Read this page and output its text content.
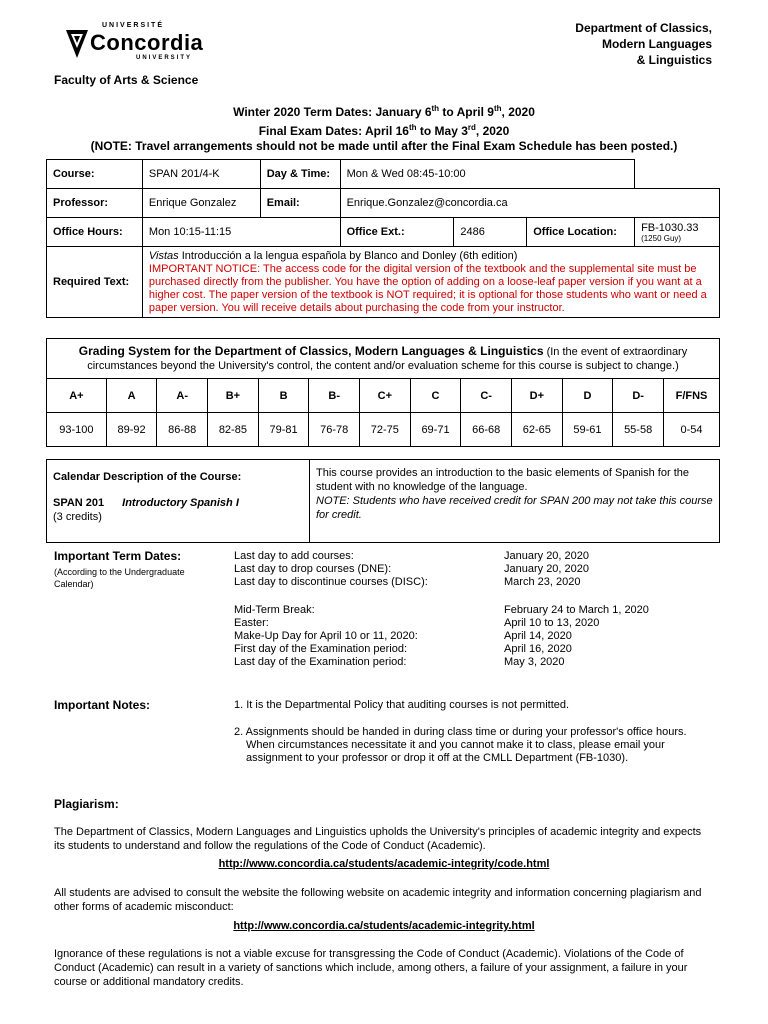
UNIVERSITÉ
Concordia
UNIVERSITY
Department of Classics,
Modern Languages
& Linguistics
Faculty of Arts & Science
Winter 2020 Term Dates: January 6th to April 9th, 2020
Final Exam Dates: April 16th to May 3rd, 2020
(NOTE: Travel arrangements should not be made until after the Final Exam Schedule has been posted.)
Course:	SPAN 201/4-K	Day & Time:	Mon & Wed 08:45-10:00		
Professor:	Enrique Gonzalez	Email:	Enrique.Gonzalez@concordia.ca			
Office Hours:	Mon 10:15-11:15		Office Ext.:	2486	Office Location:	FB-1030.33
(1250 Guy)

Required Text:	Vistas Introducción a la lengua española by Blanco and Donley (6th edition)
IMPORTANT NOTICE: The access code for the digital version of the textbook and the supplemental site must be purchased directly from the publisher. You have the option of adding on a loose-leaf paper version if you want at a higher cost. The paper version of the textbook is NOT required; it is optional for those students who want or need a paper version. You will receive details about purchasing the code from your instructor.					
Grading System for the Department of Classics, Modern Languages & Linguistics (In the event of extraordinary circumstances beyond the University's control, the content and/or evaluation scheme for this course is subject to change.)
A+	A	A-	B+	B	B-	C+	C	C-	D+	D	D-	F/FNS
93-100	89-92	86-88	82-85	79-81	76-78	72-75	69-71	66-68	62-65	59-61	55-58	0-54
Calendar Description of the Course:
SPAN 201 Introductory Spanish I
(3 credits)

This course provides an introduction to the basic elements of Spanish for the student with no knowledge of the language.
NOTE: Students who have received credit for SPAN 200 may not take this course for credit.
Important Term Dates:
(According to the Undergraduate Calendar)
Last day to add courses:	January 20, 2020
Last day to drop courses (DNE):	January 20, 2020
Last day to discontinue courses (DISC):	March 23, 2020
Mid-Term Break:	February 24 to March 1, 2020
Easter:	April 10 to 13, 2020
Make-Up Day for April 10 or 11, 2020:	April 14, 2020
First day of the Examination period:	April 16, 2020
Last day of the Examination period:	May 3, 2020
Important Notes:	1. It is the Departmental Policy that auditing courses is not permitted.
2. Assignments should be handed in during class time or during your professor's office hours. When circumstances necessitate it and you cannot make it to class, please email your assignment to your professor or drop it off at the CMLL Department (FB-1030).
Plagiarism:
The Department of Classics, Modern Languages and Linguistics upholds the University's principles of academic integrity and expects its students to understand and follow the regulations of the Code of Conduct (Academic).
http://www.concordia.ca/students/academic-integrity/code.html
All students are advised to consult the website the following website on academic integrity and information concerning plagiarism and other forms of academic misconduct:
http://www.concordia.ca/students/academic-integrity.html
Ignorance of these regulations is not a viable excuse for transgressing the Code of Conduct (Academic). Violations of the Code of Conduct (Academic) can result in a variety of sanctions which include, among others, a failure of your assignment, a failure in your course or additional mandatory credits.
